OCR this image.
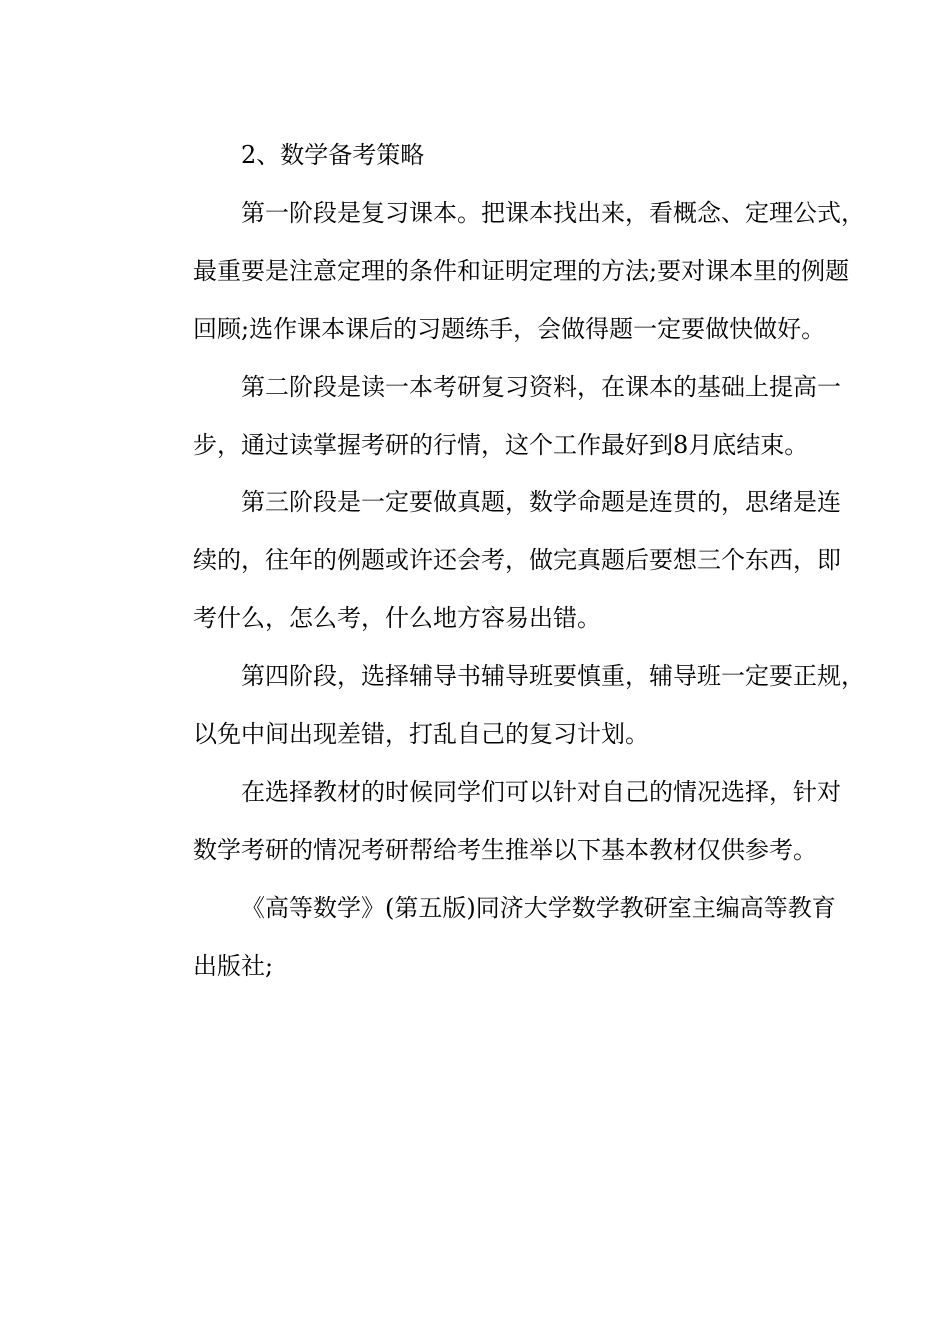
2、数学备考策略
第一阶段是复习课本。把课本找出来，看概念、定理公式，
最重要是注意定理的条件和证明定理的方法;要对课本里的例题
回顾;选作课本课后的习题练手，会做得题一定要做快做好。
第二阶段是读一本考研复习资料，在课本的基础上提高一
步，通过读掌握考研的行情，这个工作最好到8月底结束。
第三阶段是一定要做真题，数学命题是连贯的，思绪是连
续的，往年的例题或许还会考，做完真题后要想三个东西，即
考什么，怎么考，什么地方容易出错。
第四阶段，选择辅导书辅导班要慎重，辅导班一定要正规，
以免中间出现差错，打乱自己的复习计划。
在选择教材的时候同学们可以针对自己的情况选择，针对
数学考研的情况考研帮给考生推举以下基本教材仅供参考。
《高等数学》(第五版)同济大学数学教研室主编高等教育
出版社;
